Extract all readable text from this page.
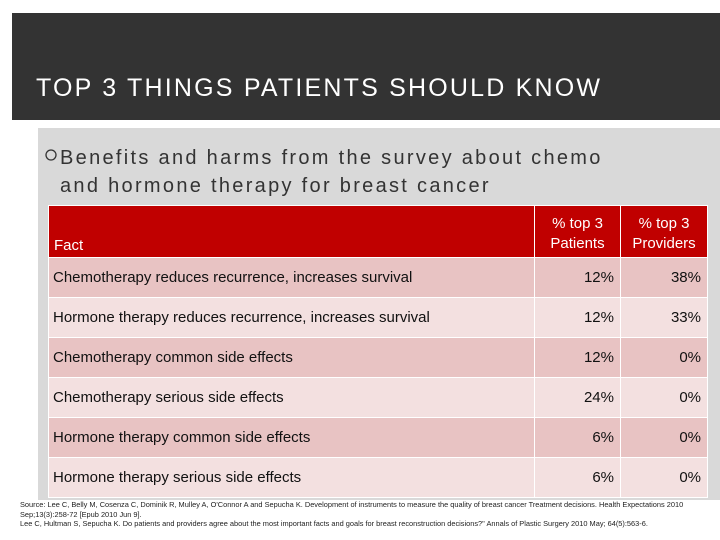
TOP 3 THINGS PATIENTS SHOULD KNOW
Benefits and harms from the survey about chemo
and hormone therapy for breast cancer
Fact	% top 3 Patients	% top 3 Providers
Chemotherapy reduces recurrence, increases survival	12%	38%
Hormone therapy reduces recurrence, increases survival	12%	33%
Chemotherapy common side effects	12%	0%
Chemotherapy serious side effects	24%	0%
Hormone therapy common side effects	6%	0%
Hormone therapy serious side effects	6%	0%
Source: Lee C, Belly M, Cosenza C, Dominik R, Mulley A, O'Connor A and Sepucha K. Development of instruments to measure the quality of breast cancer Treatment decisions. Health Expectations 2010 Sep;13(3):258-72 [Epub 2010 Jun 9].
Lee C, Hultman S, Sepucha K. Do patients and providers agree about the most important facts and goals for breast reconstruction decisions?" Annals of Plastic Surgery 2010 May; 64(5):563-6.
